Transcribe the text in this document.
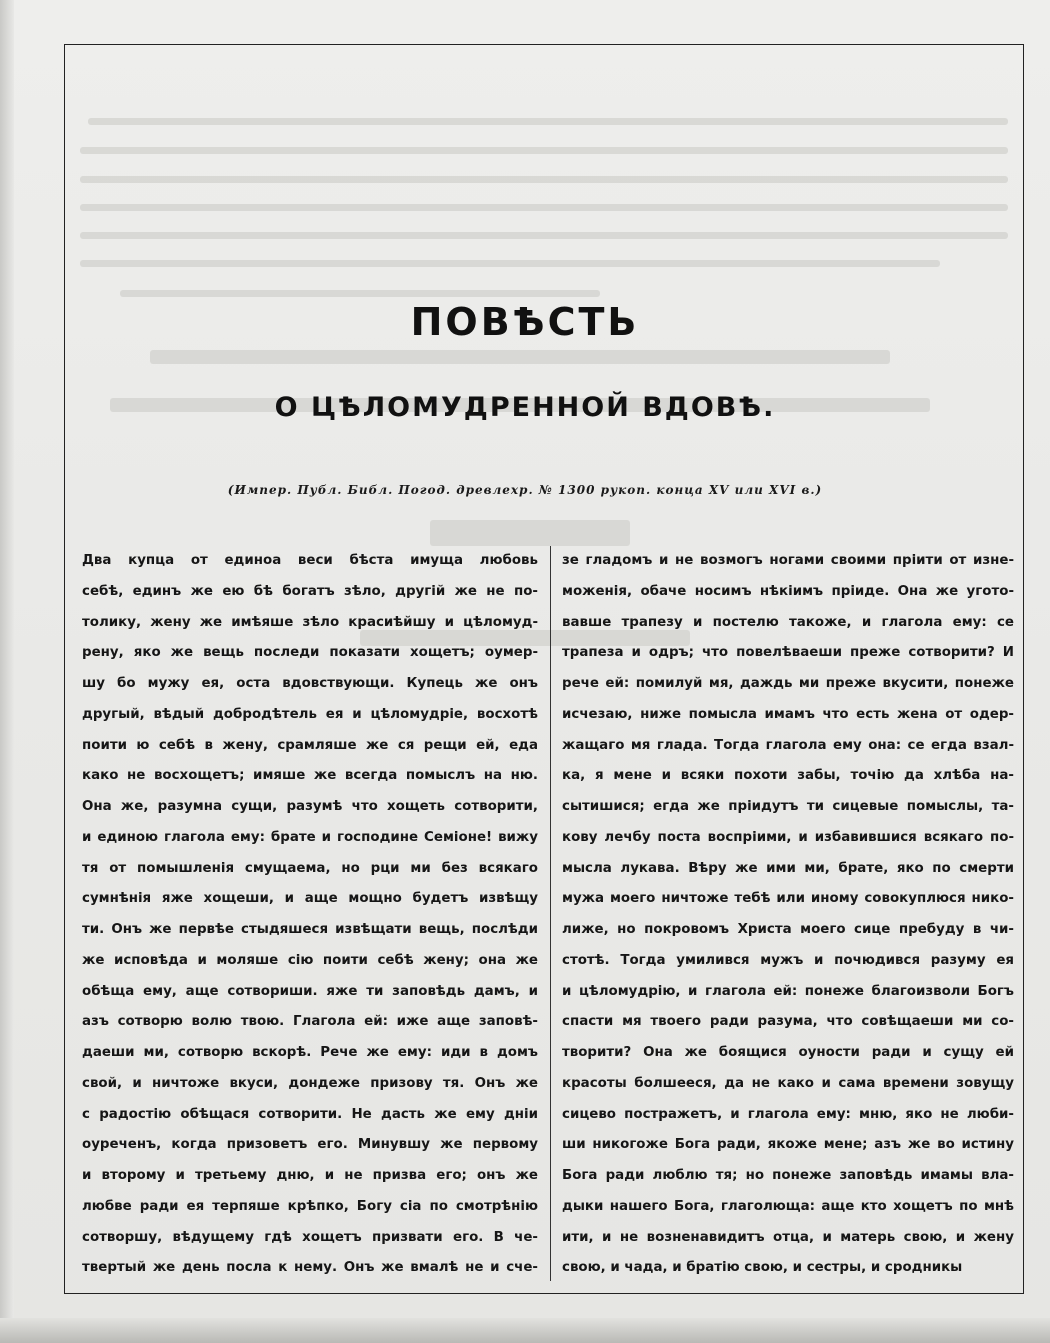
ПОВѢСТЬ
О ЦѢЛОМУДРЕННОЙ ВДОВѢ.
(Импер. Публ. Библ. Погод. древлехр. № 1300 рукоп. конца XV или XVI в.)
Два купца от единоа веси бѣста имуща любовь
себѣ, единъ же ею бѣ богатъ зѣло, другій же не по-
толику, жену же имѣяше зѣло красиѣйшу и цѣломуд-
рену, яко же вещь последи показати хощетъ; оумер-
шу бо мужу ея, оста вдовствующи. Купець же онъ
другый, вѣдый добродѣтель ея и цѣломудріе, восхотѣ
поити ю себѣ в жену, срамляше же ся рещи ей, еда
како не восхощетъ; имяше же всегда помыслъ на ню.
Она же, разумна сущи, разумѣ что хощеть сотворити,
и единою глагола ему: брате и господине Семіоне! вижу
тя от помышленія смущаема, но рци ми без всякаго
сумнѣнія яже хощеши, и аще мощно будетъ извѣщу
ти. Онъ же первѣе стыдяшеся извѣщати вещь, послѣди
же исповѣда и моляше сію поити себѣ жену; она же
обѣща ему, аще сотвориши. яже ти заповѣдь дамъ, и
азъ сотворю волю твою. Глагола ей: иже аще заповѣ-
даеши ми, сотворю вскорѣ. Рече же ему: иди в домъ
свой, и ничтоже вкуси, дондеже призову тя. Онъ же
с радостію обѣщася сотворити. Не дасть же ему дніи
оуреченъ, когда призоветъ его. Минувшу же первому
и второму и третьему дню, и не призва его; онъ же
любве ради ея терпяше крѣпко, Богу сіа по смотрѣнію
сотворшу, вѣдущему гдѣ хощетъ призвати его. В че-
твертый же день посла к нему. Онъ же вмалѣ не и сче-
зе гладомъ и не возмогъ ногами своими пріити от изне-
моженія, обаче носимъ нѣкіимъ пріиде. Она же угото-
вавше трапезу и постелю такоже, и глагола ему: се
трапеза и одръ; что повелѣваеши преже сотворити? И
рече ей: помилуй мя, даждь ми преже вкусити, понеже
исчезаю, ниже помысла имамъ что есть жена от одер-
жащаго мя глада. Тогда глагола ему она: се егда взал-
ка, я мене и всяки похоти забы, точію да хлѣба на-
сытишися; егда же пріидутъ ти сицевые помыслы, та-
кову лечбу поста воспріими, и избавившися всякаго по-
мысла лукава. Вѣру же ими ми, брате, яко по смерти
мужа моего ничтоже тебѣ или иному совокуплюся нико-
лиже, но покровомъ Христа моего сице пребуду в чи-
стотѣ. Тогда умилився мужъ и почюдився разуму ея
и цѣломудрію, и глагола ей: понеже благоизволи Богъ
спасти мя твоего ради разума, что совѣщаеши ми со-
творити? Она же боящися оуности ради и сущу ей
красоты болшееся, да не како и сама времени зовущу
сицево постражетъ, и глагола ему: мню, яко не люби-
ши никогоже Бога ради, якоже мене; азъ же во истину
Бога ради люблю тя; но понеже заповѣдь имамы вла-
дыки нашего Бога, глаголюща: аще кто хощетъ по мнѣ
ити, и не возненавидитъ отца, и матерь свою, и жену
свою, и чада, и братію свою, и сестры, и сродникы
